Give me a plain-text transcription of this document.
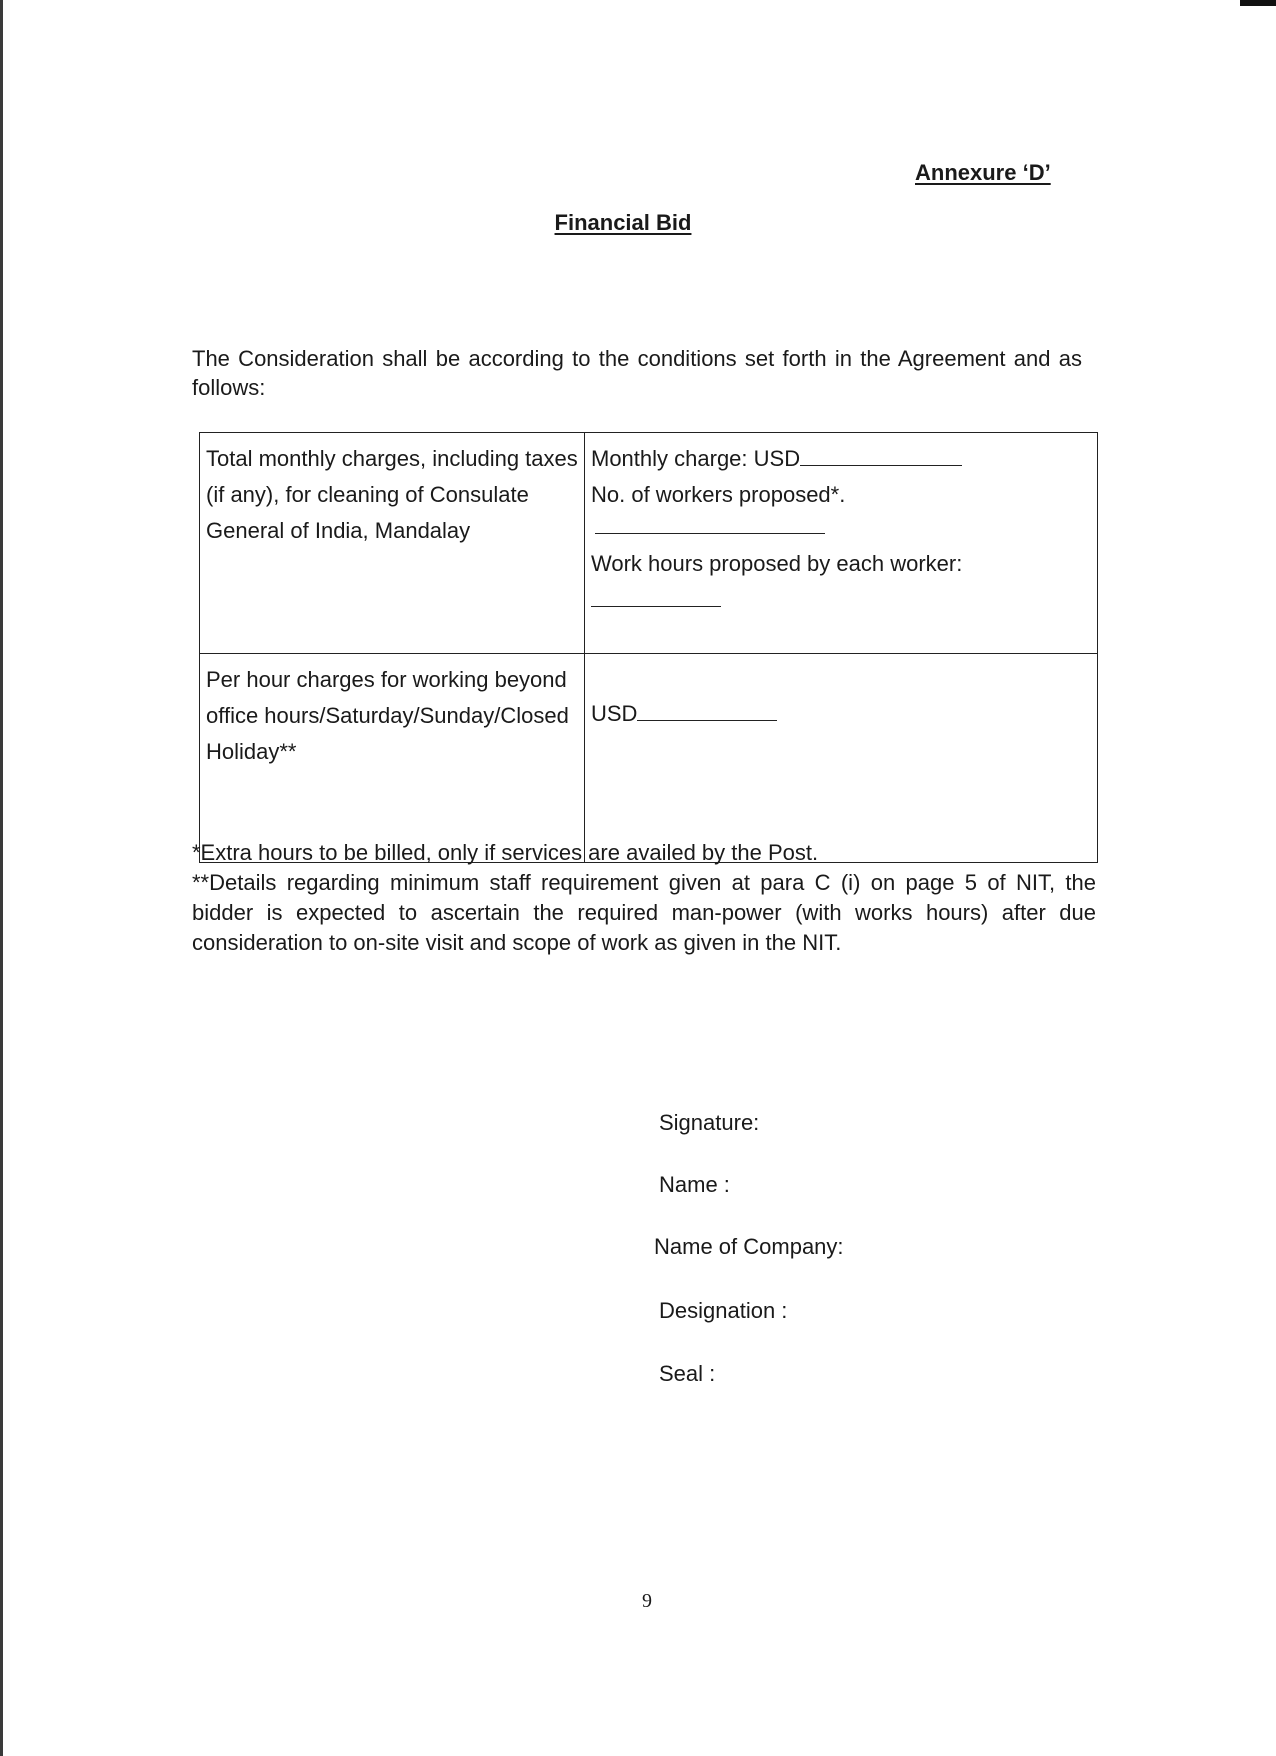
Annexure ‘D’
Financial Bid
The Consideration shall be according to the conditions set forth in the Agreement and as follows:
Total monthly charges, including taxes (if any), for cleaning of Consulate General of India, Mandalay	Monthly charge: USD
No. of workers proposed*.
Work hours proposed by each worker:

Per hour charges for working beyond office hours/Saturday/Sunday/Closed Holiday**	USD

*Extra hours to be billed, only if services are availed by the Post.

**Details regarding minimum staff requirement given at para C (i) on page 5 of NIT, the bidder is expected to ascertain the required man-power (with works hours) after due consideration to on-site visit and scope of work as given in the NIT.

Signature:
Name :
Name of Company:
Designation :
Seal :
9
